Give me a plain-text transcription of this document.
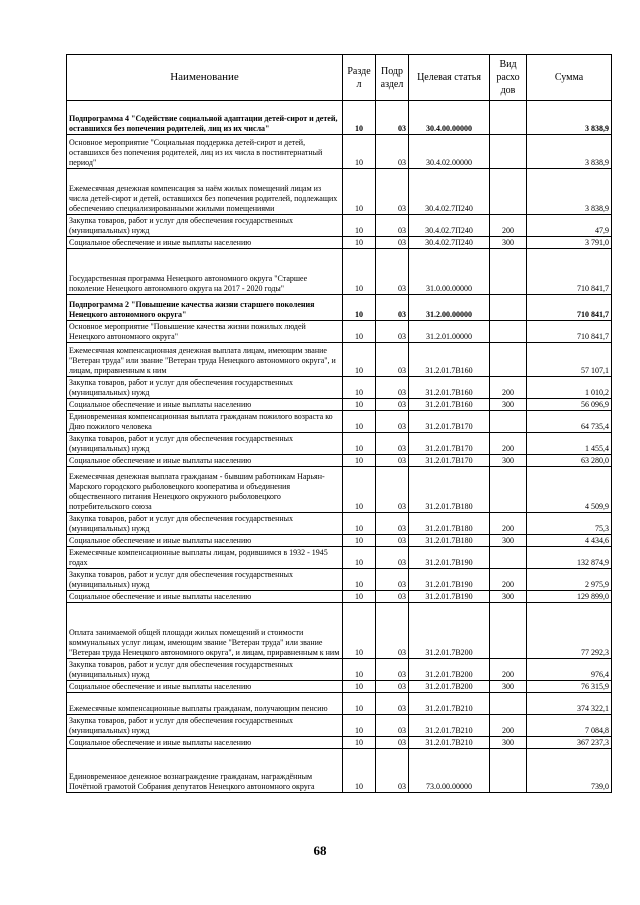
Наименование	Разде л	Подр аздел	Целевая статья	Вид расхо дов	Сумма
Подпрограмма 4 "Содействие социальной адаптации детей-сирот и детей, оставшихся без попечения родителей, лиц из их числа"	10	03	30.4.00.00000		3 838,9
Основное мероприятие "Социальная поддержка детей-сирот и детей, оставшихся без попечения родителей, лиц из их числа в постинтернатный период"	10	03	30.4.02.00000		3 838,9
Ежемесячная денежная компенсация за наём жилых помещений лицам из числа детей-сирот и детей, оставшихся без попечения родителей, подлежащих обеспечению специализированными жилыми помещениями	10	03	30.4.02.7П240		3 838,9
Закупка товаров, работ и услуг для обеспечения государственных (муниципальных) нужд	10	03	30.4.02.7П240	200	47,9
Социальное обеспечение и иные выплаты населению	10	03	30.4.02.7П240	300	3 791,0
Государственная программа Ненецкого автономного округа "Старшее поколение Ненецкого автономного округа на 2017 - 2020 годы"	10	03	31.0.00.00000		710 841,7
Подпрограмма 2 "Повышение качества жизни старшего поколения Ненецкого автономного округа"	10	03	31.2.00.00000		710 841,7
Основное мероприятие "Повышение качества жизни пожилых людей Ненецкого автономного округа"	10	03	31.2.01.00000		710 841,7
Ежемесячная компенсационная денежная выплата лицам, имеющим звание "Ветеран труда" или звание "Ветеран труда Ненецкого автономного округа", и лицам, приравненным к ним	10	03	31.2.01.7В160		57 107,1
Закупка товаров, работ и услуг для обеспечения государственных (муниципальных) нужд	10	03	31.2.01.7В160	200	1 010,2
Социальное обеспечение и иные выплаты населению	10	03	31.2.01.7В160	300	56 096,9
Единовременная компенсационная выплата гражданам пожилого возраста ко Дню пожилого человека	10	03	31.2.01.7В170		64 735,4
Закупка товаров, работ и услуг для обеспечения государственных (муниципальных) нужд	10	03	31.2.01.7В170	200	1 455,4
Социальное обеспечение и иные выплаты населению	10	03	31.2.01.7В170	300	63 280,0
Ежемесячная денежная выплата гражданам - бывшим работникам Нарьян-Марского городского рыболовецкого кооператива и объединения общественного питания Ненецкого окружного рыболовецкого потребительского союза	10	03	31.2.01.7В180		4 509,9
Закупка товаров, работ и услуг для обеспечения государственных (муниципальных) нужд	10	03	31.2.01.7В180	200	75,3
Социальное обеспечение и иные выплаты населению	10	03	31.2.01.7В180	300	4 434,6
Ежемесячные компенсационные выплаты лицам, родившимся в 1932 - 1945 годах	10	03	31.2.01.7В190		132 874,9
Закупка товаров, работ и услуг для обеспечения государственных (муниципальных) нужд	10	03	31.2.01.7В190	200	2 975,9
Социальное обеспечение и иные выплаты населению	10	03	31.2.01.7В190	300	129 899,0
Оплата занимаемой общей площади жилых помещений и стоимости коммунальных услуг лицам, имеющим звание "Ветеран труда" или звание "Ветеран труда Ненецкого автономного округа", и лицам, приравненным к ним	10	03	31.2.01.7В200		77 292,3
Закупка товаров, работ и услуг для обеспечения государственных (муниципальных) нужд	10	03	31.2.01.7В200	200	976,4
Социальное обеспечение и иные выплаты населению	10	03	31.2.01.7В200	300	76 315,9
Ежемесячные компенсационные выплаты гражданам, получающим пенсию	10	03	31.2.01.7В210		374 322,1
Закупка товаров, работ и услуг для обеспечения государственных (муниципальных) нужд	10	03	31.2.01.7В210	200	7 084,8
Социальное обеспечение и иные выплаты населению	10	03	31.2.01.7В210	300	367 237,3
Единовременное денежное вознаграждение гражданам, награждённым Почётной грамотой Собрания депутатов Ненецкого автономного округа	10	03	73.0.00.00000		739,0
68
